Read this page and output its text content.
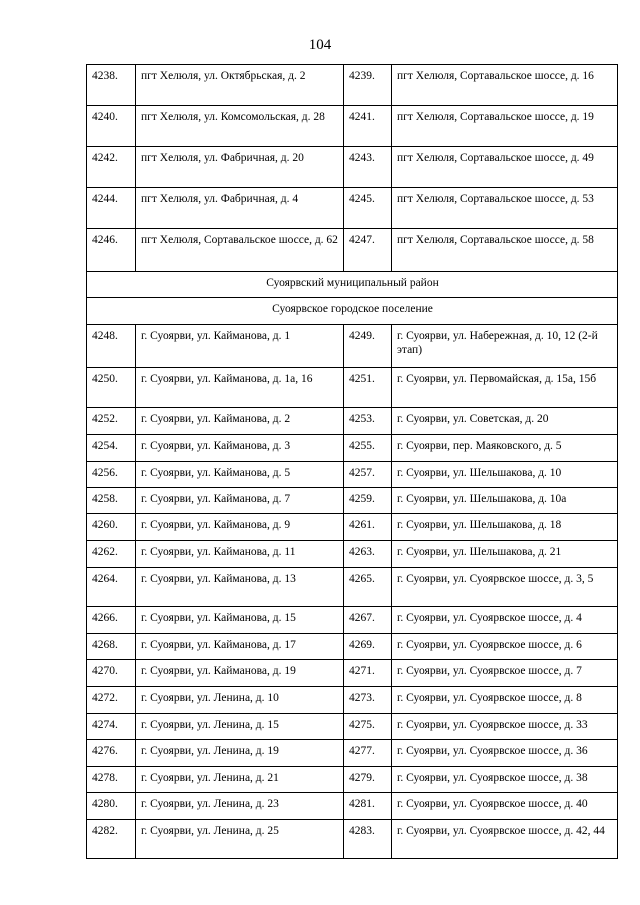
104
4238.	пгт Хелюля, ул. Октябрьская, д. 2	4239.	пгт Хелюля, Сортавальское шоссе, д. 16
4240.	пгт Хелюля, ул. Комсомольская, д. 28	4241.	пгт Хелюля, Сортавальское шоссе, д. 19
4242.	пгт Хелюля, ул. Фабричная, д. 20	4243.	пгт Хелюля, Сортавальское шоссе, д. 49
4244.	пгт Хелюля, ул. Фабричная, д. 4	4245.	пгт Хелюля, Сортавальское шоссе, д. 53
4246.	пгт Хелюля, Сортавальское шоссе, д. 62	4247.	пгт Хелюля, Сортавальское шоссе, д. 58
Суоярвский муниципальный район			
Суоярвское городское поселение			
4248.	г. Суоярви, ул. Кайманова, д. 1	4249.	г. Суоярви, ул. Набережная, д. 10, 12 (2-й этап)
4250.	г. Суоярви, ул. Кайманова, д. 1а, 16	4251.	г. Суоярви, ул. Первомайская, д. 15а, 15б
4252.	г. Суоярви, ул. Кайманова, д. 2	4253.	г. Суоярви, ул. Советская, д. 20
4254.	г. Суоярви, ул. Кайманова, д. 3	4255.	г. Суоярви, пер. Маяковского, д. 5
4256.	г. Суоярви, ул. Кайманова, д. 5	4257.	г. Суоярви, ул. Шельшакова, д. 10
4258.	г. Суоярви, ул. Кайманова, д. 7	4259.	г. Суоярви, ул. Шельшакова, д. 10а
4260.	г. Суоярви, ул. Кайманова, д. 9	4261.	г. Суоярви, ул. Шельшакова, д. 18
4262.	г. Суоярви, ул. Кайманова, д. 11	4263.	г. Суоярви, ул. Шельшакова, д. 21
4264.	г. Суоярви, ул. Кайманова, д. 13	4265.	г. Суоярви, ул. Суоярвское шоссе, д. 3, 5
4266.	г. Суоярви, ул. Кайманова, д. 15	4267.	г. Суоярви, ул. Суоярвское шоссе, д. 4
4268.	г. Суоярви, ул. Кайманова, д. 17	4269.	г. Суоярви, ул. Суоярвское шоссе, д. 6
4270.	г. Суоярви, ул. Кайманова, д. 19	4271.	г. Суоярви, ул. Суоярвское шоссе, д. 7
4272.	г. Суоярви, ул. Ленина, д. 10	4273.	г. Суоярви, ул. Суоярвское шоссе, д. 8
4274.	г. Суоярви, ул. Ленина, д. 15	4275.	г. Суоярви, ул. Суоярвское шоссе, д. 33
4276.	г. Суоярви, ул. Ленина, д. 19	4277.	г. Суоярви, ул. Суоярвское шоссе, д. 36
4278.	г. Суоярви, ул. Ленина, д. 21	4279.	г. Суоярви, ул. Суоярвское шоссе, д. 38
4280.	г. Суоярви, ул. Ленина, д. 23	4281.	г. Суоярви, ул. Суоярвское шоссе, д. 40
4282.	г. Суоярви, ул. Ленина, д. 25	4283.	г. Суоярви, ул. Суоярвское шоссе, д. 42, 44
